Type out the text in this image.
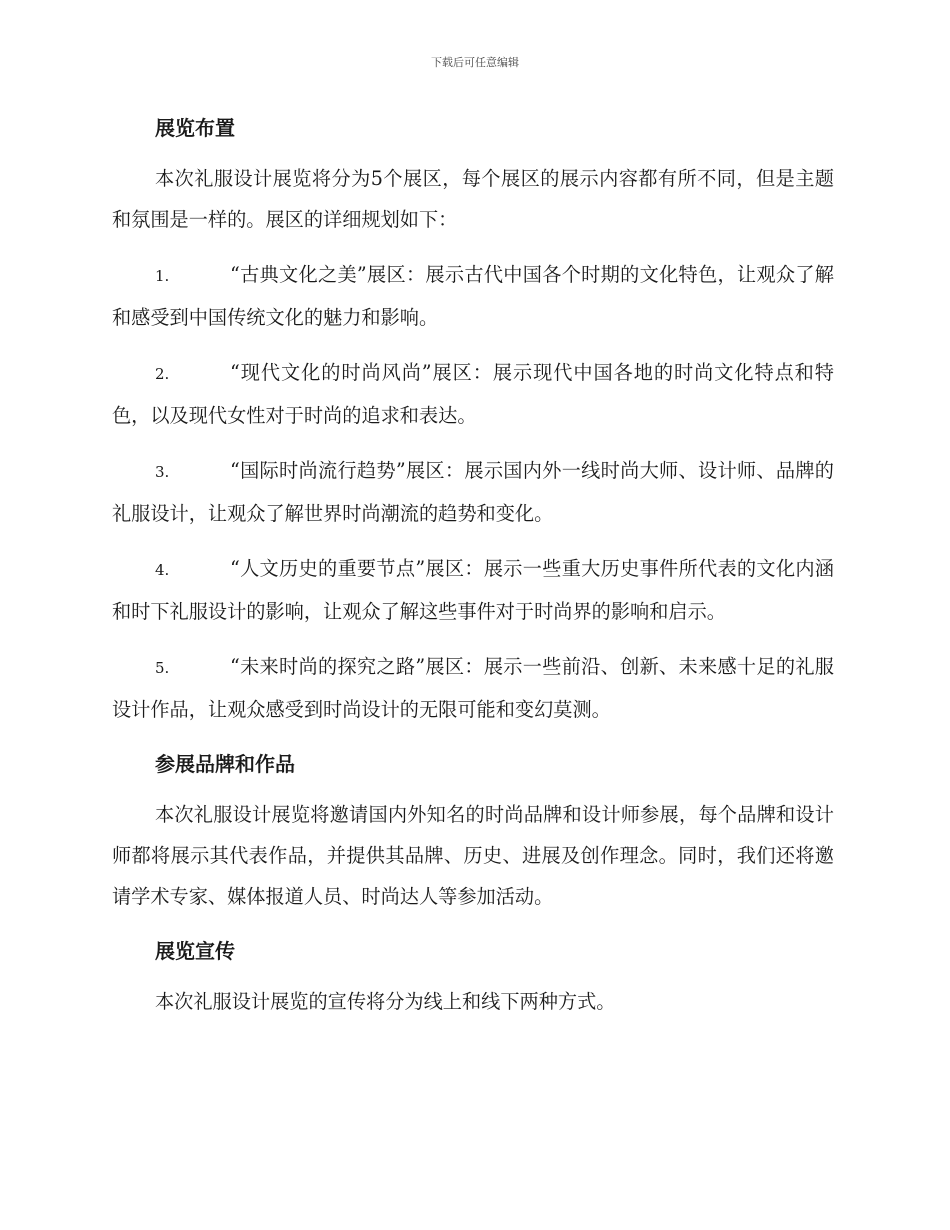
下载后可任意编辑
展览布置

本次礼服设计展览将分为5个展区，每个展区的展示内容都有所不同，但是主题和氛围是一样的。展区的详细规划如下：

1.	“古典文化之美”展区：展示古代中国各个时期的文化特色，让观众了解和感受到中国传统文化的魅力和影响。
2.	“现代文化的时尚风尚”展区：展示现代中国各地的时尚文化特点和特色，以及现代女性对于时尚的追求和表达。
3.	“国际时尚流行趋势”展区：展示国内外一线时尚大师、设计师、品牌的礼服设计，让观众了解世界时尚潮流的趋势和变化。
4.	“人文历史的重要节点”展区：展示一些重大历史事件所代表的文化内涵和时下礼服设计的影响，让观众了解这些事件对于时尚界的影响和启示。
5.	“未来时尚的探究之路”展区：展示一些前沿、创新、未来感十足的礼服设计作品，让观众感受到时尚设计的无限可能和变幻莫测。
参展品牌和作品

本次礼服设计展览将邀请国内外知名的时尚品牌和设计师参展，每个品牌和设计师都将展示其代表作品，并提供其品牌、历史、进展及创作理念。同时，我们还将邀请学术专家、媒体报道人员、时尚达人等参加活动。

展览宣传

本次礼服设计展览的宣传将分为线上和线下两种方式。
